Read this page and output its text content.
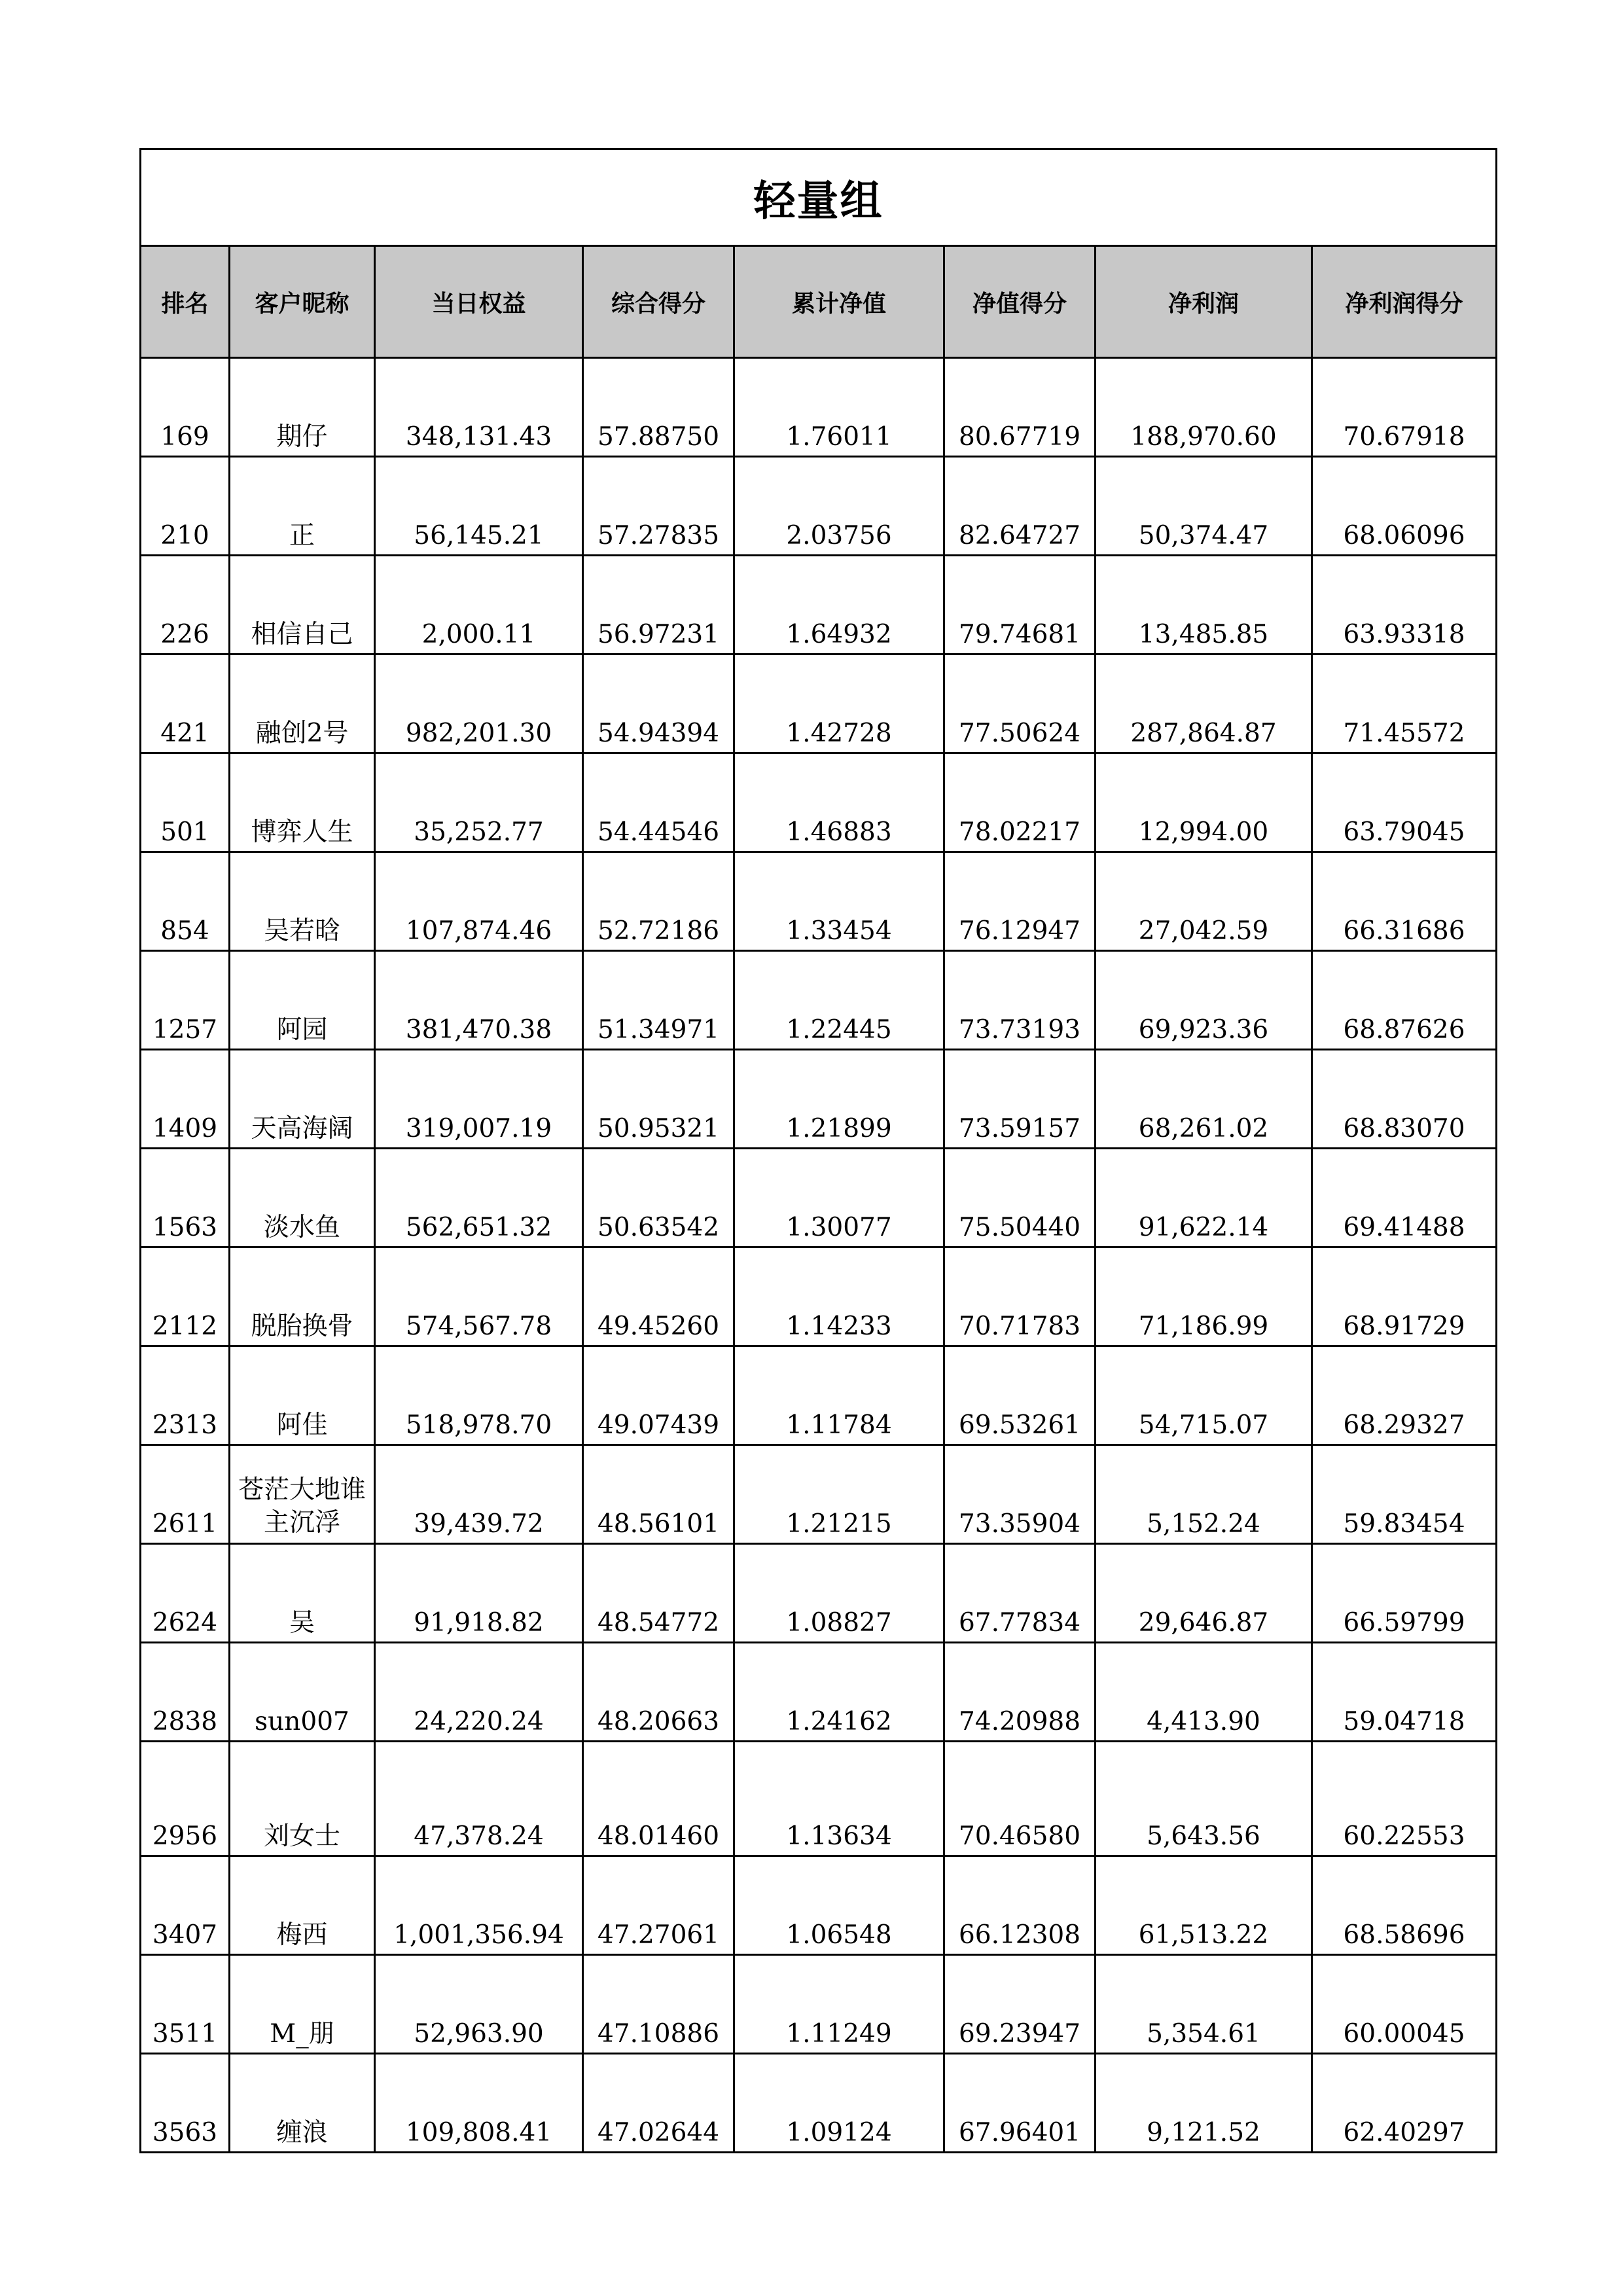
轻量组							
排名	客户昵称	当日权益	综合得分	累计净值	净值得分	净利润	净利润得分
169	期仔	348,131.43	57.88750	1.76011	80.67719	188,970.60	70.67918
210	正	56,145.21	57.27835	2.03756	82.64727	50,374.47	68.06096
226	相信自己	2,000.11	56.97231	1.64932	79.74681	13,485.85	63.93318
421	融创2号	982,201.30	54.94394	1.42728	77.50624	287,864.87	71.45572
501	博弈人生	35,252.77	54.44546	1.46883	78.02217	12,994.00	63.79045
854	吴若晗	107,874.46	52.72186	1.33454	76.12947	27,042.59	66.31686
1257	阿园	381,470.38	51.34971	1.22445	73.73193	69,923.36	68.87626
1409	天高海阔	319,007.19	50.95321	1.21899	73.59157	68,261.02	68.83070
1563	淡水鱼	562,651.32	50.63542	1.30077	75.50440	91,622.14	69.41488
2112	脱胎换骨	574,567.78	49.45260	1.14233	70.71783	71,186.99	68.91729
2313	阿佳	518,978.70	49.07439	1.11784	69.53261	54,715.07	68.29327
2611	苍茫大地谁主沉浮	39,439.72	48.56101	1.21215	73.35904	5,152.24	59.83454
2624	吴	91,918.82	48.54772	1.08827	67.77834	29,646.87	66.59799
2838	sun007	24,220.24	48.20663	1.24162	74.20988	4,413.90	59.04718
2956	刘女士	47,378.24	48.01460	1.13634	70.46580	5,643.56	60.22553
3407	梅西	1,001,356.94	47.27061	1.06548	66.12308	61,513.22	68.58696
3511	M_朋	52,963.90	47.10886	1.11249	69.23947	5,354.61	60.00045
3563	缠浪	109,808.41	47.02644	1.09124	67.96401	9,121.52	62.40297
